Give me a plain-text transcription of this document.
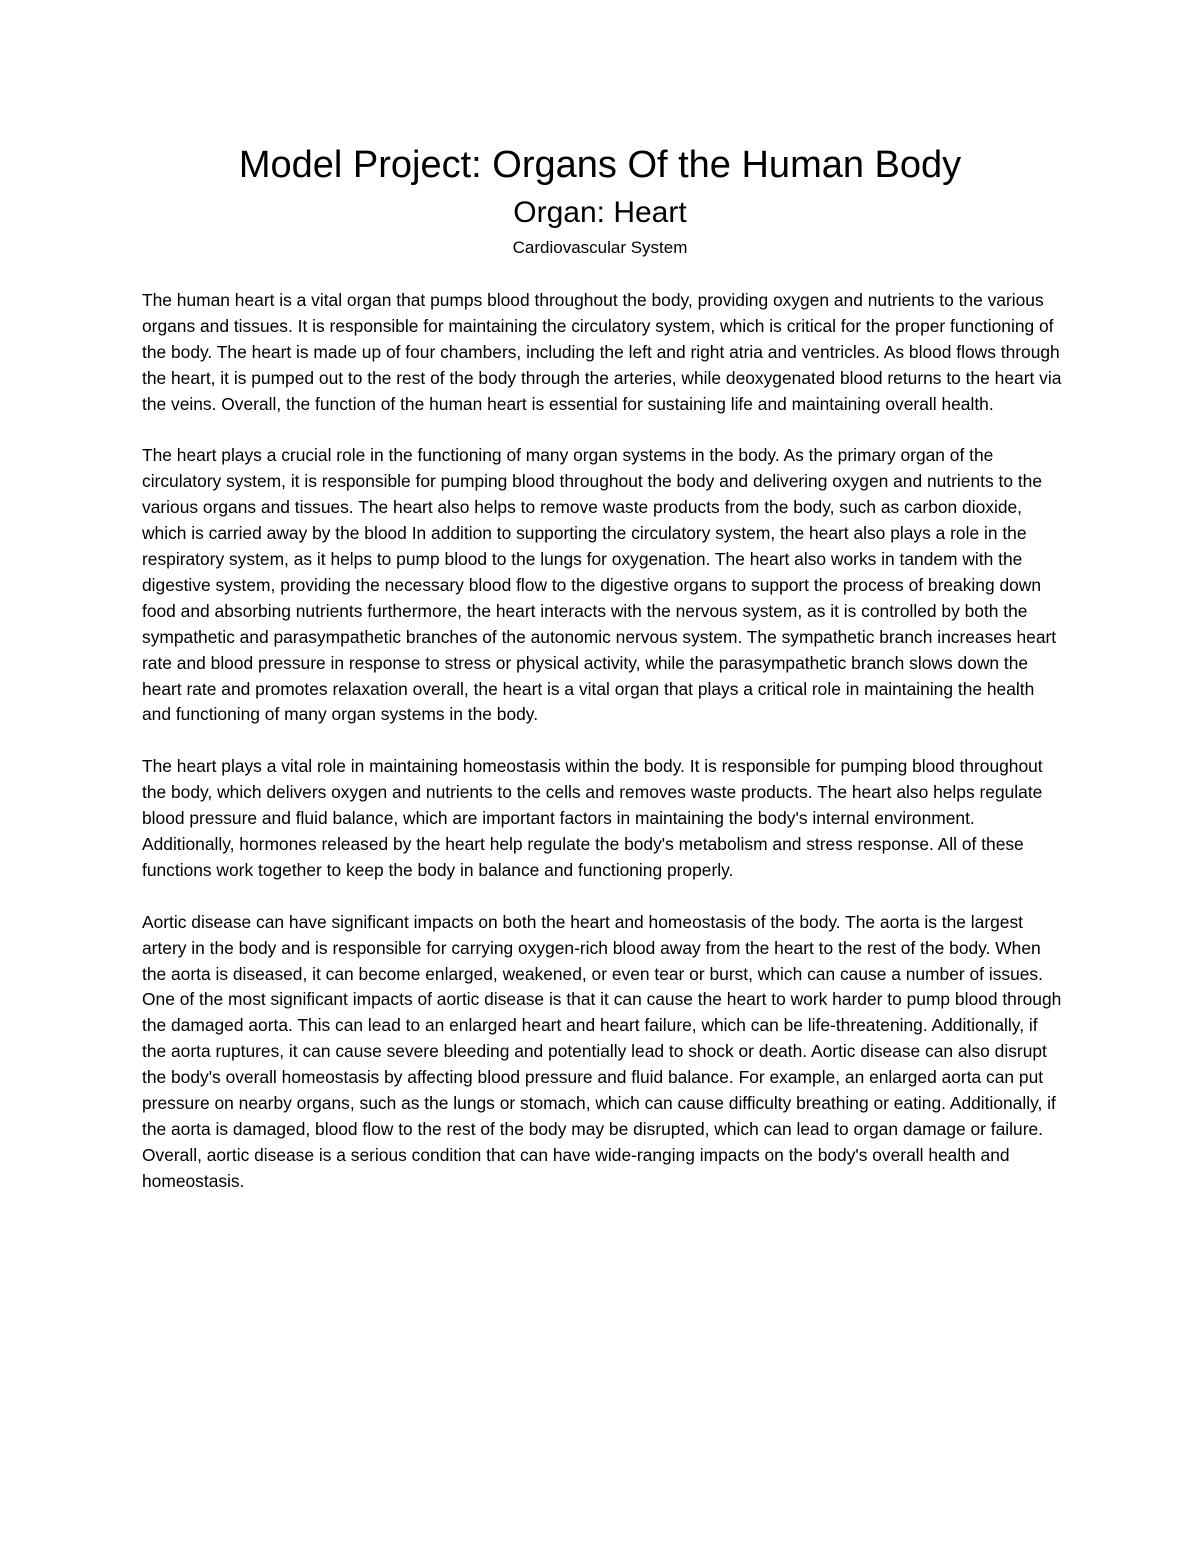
Model Project: Organs Of the Human Body
Organ: Heart
Cardiovascular System

The human heart is a vital organ that pumps blood throughout the body, providing oxygen and nutrients to the various organs and tissues. It is responsible for maintaining the circulatory system, which is critical for the proper functioning of the body. The heart is made up of four chambers, including the left and right atria and ventricles. As blood flows through the heart, it is pumped out to the rest of the body through the arteries, while deoxygenated blood returns to the heart via the veins. Overall, the function of the human heart is essential for sustaining life and maintaining overall health.

The heart plays a crucial role in the functioning of many organ systems in the body. As the primary organ of the circulatory system, it is responsible for pumping blood throughout the body and delivering oxygen and nutrients to the various organs and tissues. The heart also helps to remove waste products from the body, such as carbon dioxide, which is carried away by the blood In addition to supporting the circulatory system, the heart also plays a role in the respiratory system, as it helps to pump blood to the lungs for oxygenation. The heart also works in tandem with the digestive system, providing the necessary blood flow to the digestive organs to support the process of breaking down food and absorbing nutrients furthermore, the heart interacts with the nervous system, as it is controlled by both the sympathetic and parasympathetic branches of the autonomic nervous system. The sympathetic branch increases heart rate and blood pressure in response to stress or physical activity, while the parasympathetic branch slows down the heart rate and promotes relaxation overall, the heart is a vital organ that plays a critical role in maintaining the health and functioning of many organ systems in the body.

The heart plays a vital role in maintaining homeostasis within the body. It is responsible for pumping blood throughout the body, which delivers oxygen and nutrients to the cells and removes waste products. The heart also helps regulate blood pressure and fluid balance, which are important factors in maintaining the body's internal environment. Additionally, hormones released by the heart help regulate the body's metabolism and stress response. All of these functions work together to keep the body in balance and functioning properly.

Aortic disease can have significant impacts on both the heart and homeostasis of the body. The aorta is the largest artery in the body and is responsible for carrying oxygen-rich blood away from the heart to the rest of the body. When the aorta is diseased, it can become enlarged, weakened, or even tear or burst, which can cause a number of issues. One of the most significant impacts of aortic disease is that it can cause the heart to work harder to pump blood through the damaged aorta. This can lead to an enlarged heart and heart failure, which can be life-threatening. Additionally, if the aorta ruptures, it can cause severe bleeding and potentially lead to shock or death. Aortic disease can also disrupt the body's overall homeostasis by affecting blood pressure and fluid balance. For example, an enlarged aorta can put pressure on nearby organs, such as the lungs or stomach, which can cause difficulty breathing or eating. Additionally, if the aorta is damaged, blood flow to the rest of the body may be disrupted, which can lead to organ damage or failure. Overall, aortic disease is a serious condition that can have wide-ranging impacts on the body's overall health and homeostasis.
